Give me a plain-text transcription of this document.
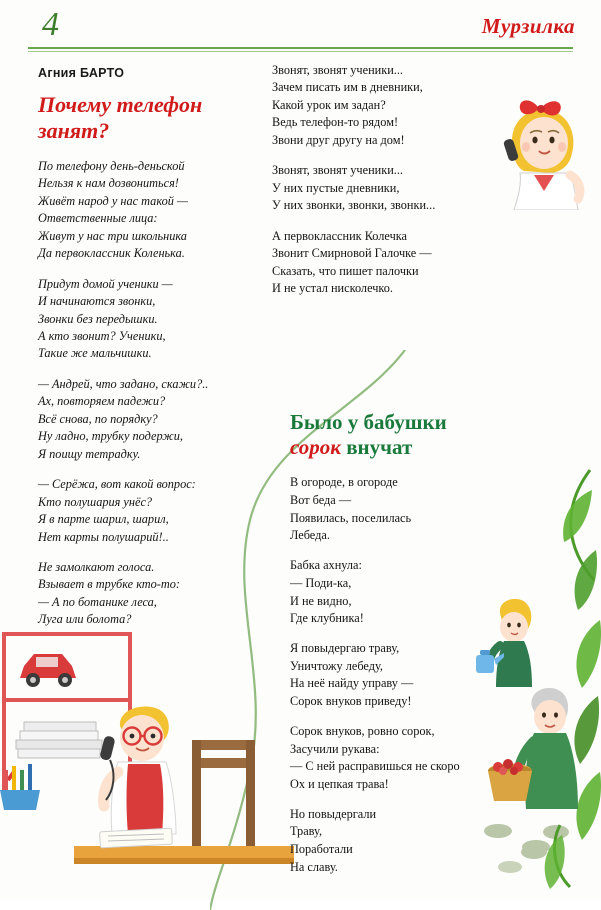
4	Мурзилка
Агния БАРТО
Почему телефон занят?
По телефону день-деньской
Нельзя к нам дозвониться!
Живёт народ у нас такой —
Ответственные лица:
Живут у нас три школьника
Да первоклассник Коленька.
Придут домой ученики —
И начинаются звонки,
Звонки без передышки.
А кто звонит? Ученики,
Такие же мальчишки.
— Андрей, что задано, скажи?..
Ах, повторяем падежи?
Всё снова, по порядку?
Ну ладно, трубку подержи,
Я поищу тетрадку.
— Серёжа, вот какой вопрос:
Кто полушария унёс?
Я в парте шарил, шарил,
Нет карты полушарий!..
Не замолкают голоса.
Взывает в трубке кто-то:
— А по ботанике леса,
Луга или болота?
Звонят, звонят ученики...
Зачем писать им в дневники,
Какой урок им задан?
Ведь телефон-то рядом!
Звони друг другу на дом!
Звонят, звонят ученики...
У них пустые дневники,
У них звонки, звонки, звонки...
А первоклассник Колечка
Звонит Смирновой Галочке —
Сказать, что пишет палочки
И не устал нисколечко.
Было у бабушки
сорок внучат
В огороде, в огороде
Вот беда —
Появилась, поселилась
Лебеда.
Бабка ахнула:
— Поди-ка,
И не видно,
Где клубника!
Я повыдергаю траву,
Уничтожу лебеду,
На неё найду управу —
Сорок внуков приведу!
Сорок внуков, ровно сорок,
Засучили рукава:
— С ней расправишься не скоро
Ох и цепкая трава!
Но повыдергали
Траву,
Поработали
На славу.
